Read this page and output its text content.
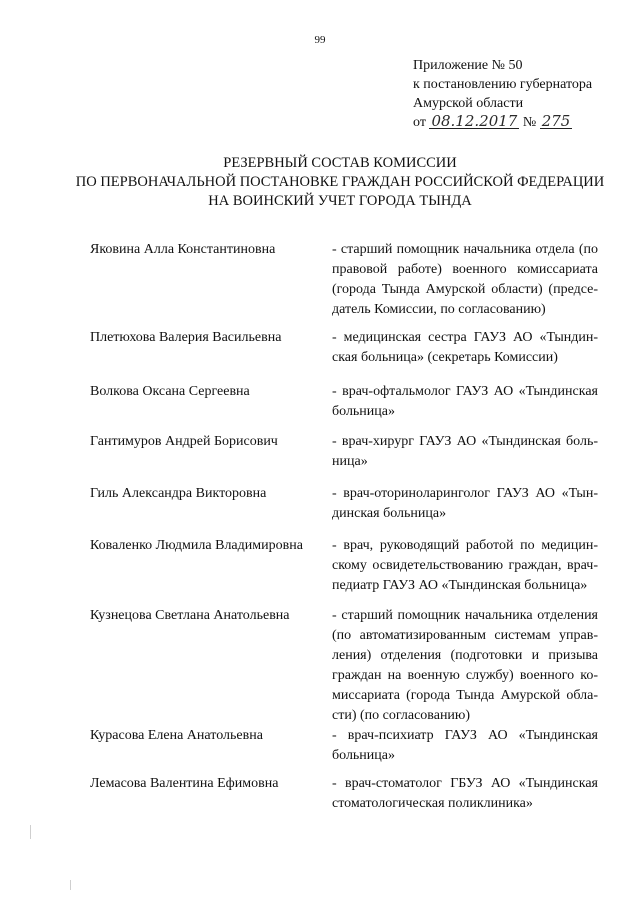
99
Приложение № 50
к постановлению губернатора
Амурской области
от 08.12.2017 № 275
РЕЗЕРВНЫЙ СОСТАВ КОМИССИИ
ПО ПЕРВОНАЧАЛЬНОЙ ПОСТАНОВКЕ ГРАЖДАН РОССИЙСКОЙ ФЕДЕРАЦИИ
НА ВОИНСКИЙ УЧЕТ ГОРОДА ТЫНДА
Яковина Алла Константиновна	- старший помощник начальника отдела (по
правовой работе) военного комиссариата
(города Тында Амурской области) (предсе-
датель Комиссии, по согласованию)
Плетюхова Валерия Васильевна	- медицинская сестра ГАУЗ АО «Тындин-
ская больница» (секретарь Комиссии)
Волкова Оксана Сергеевна	- врач-офтальмолог ГАУЗ АО «Тындинская
больница»
Гантимуров Андрей Борисович	- врач-хирург ГАУЗ АО «Тындинская боль-
ница»
Гиль Александра Викторовна	- врач-оториноларинголог ГАУЗ АО «Тын-
динская больница»
Коваленко Людмила Владимировна	- врач, руководящий работой по медицин-
скому освидетельствованию граждан, врач-
педиатр ГАУЗ АО «Тындинская больница»
Кузнецова Светлана Анатольевна	- старший помощник начальника отделения
(по автоматизированным системам управ-
ления) отделения (подготовки и призыва
граждан на военную службу) военного ко-
миссариата (города Тында Амурской обла-
сти) (по согласованию)
Курасова Елена Анатольевна	- врач-психиатр ГАУЗ АО «Тындинская
больница»
Лемасова Валентина Ефимовна	- врач-стоматолог ГБУЗ АО «Тындинская
стоматологическая поликлиника»
